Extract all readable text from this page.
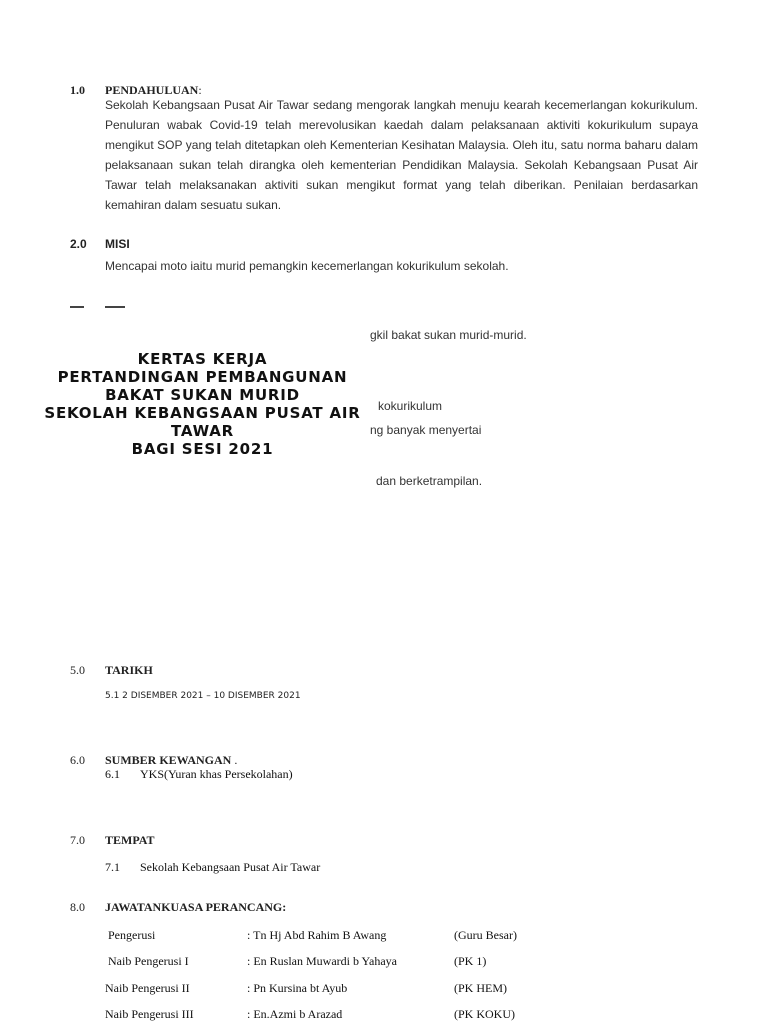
1.0 PENDAHULUAN:
Sekolah Kebangsaan Pusat Air Tawar sedang mengorak langkah menuju kearah kecemerlangan kokurikulum. Penuluran wabak Covid-19 telah merevolusikan kaedah dalam pelaksanaan aktiviti kokurikulum supaya mengikut SOP yang telah ditetapkan oleh Kementerian Kesihatan Malaysia. Oleh itu, satu norma baharu dalam pelaksanaan sukan telah dirangka oleh kementerian Pendidikan Malaysia. Sekolah Kebangsaan Pusat Air Tawar telah melaksanakan aktiviti sukan mengikut format yang telah diberikan. Penilaian berdasarkan kemahiran dalam sesuatu sukan.
2.0 MISI
Mencapai moto iaitu murid pemangkin kecemerlangan kokurikulum sekolah.
gkil bakat sukan murid-murid.
kokurikulum
ng banyak menyertai
dan berketrampilan.
KERTAS KERJA
PERTANDINGAN PEMBANGUNAN
BAKAT SUKAN MURID
SEKOLAH KEBANGSAAN PUSAT AIR
TAWAR
BAGI SESI 2021
5.0 TARIKH
5.1 2 DISEMBER 2021 – 10 DISEMBER 2021
6.0 SUMBER KEWANGAN .
6.1 YKS(Yuran khas Persekolahan)
7.0 TEMPAT
7.1 Sekolah Kebangsaan Pusat Air Tawar
8.0 JAWATANKUASA PERANCANG:
Pengerusi	: Tn Hj Abd Rahim B Awang	(Guru Besar)
Naib Pengerusi I	: En Ruslan Muwardi b Yahaya	(PK 1)
Naib Pengerusi II	: Pn Kursina bt Ayub	(PK HEM)
Naib Pengerusi III	: En.Azmi b Arazad	(PK KOKU)
